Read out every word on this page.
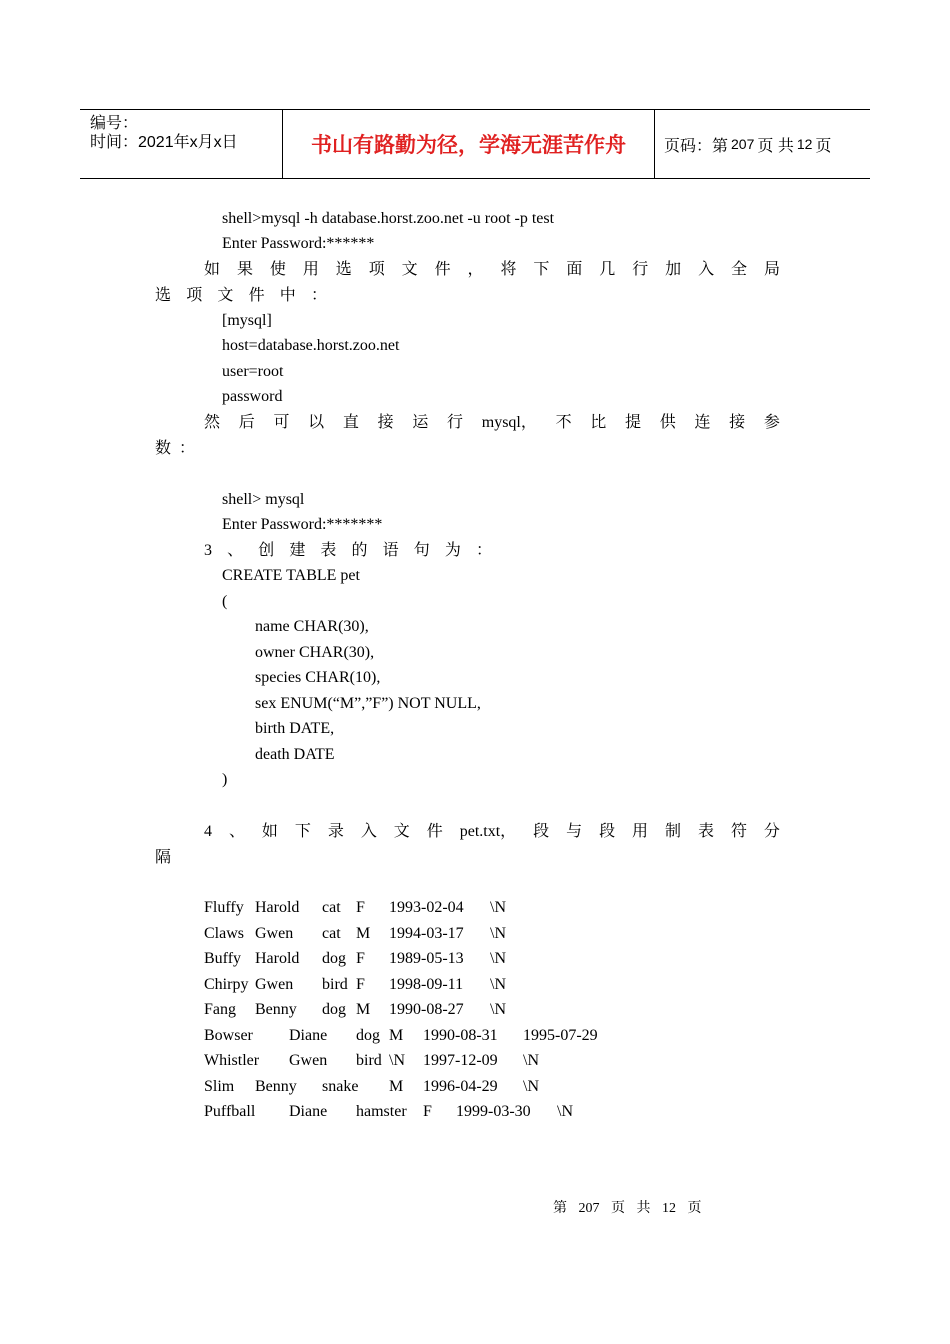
编号：
时间：2021年x月x日	书山有路勤为径，学海无涯苦作舟	页码：第 207 页 共 12 页
shell>mysql -h database.horst.zoo.net -u root -p test
Enter Password:******
如 果 使 用 选 项 文 件 ， 将 下 面 几 行 加 入 全 局
选 项 文 件 中 ：
[mysql]
host=database.horst.zoo.net
user=root
password
然 后 可 以 直 接 运 行 mysql， 不 比 提 供 连 接 参
数 ：
shell> mysql
Enter Password:*******
3 、 创 建 表 的 语 句 为 ：
CREATE TABLE pet
(
name CHAR(30),
owner CHAR(30),
species CHAR(10),
sex ENUM(“M”,”F”) NOT NULL,
birth DATE,
death DATE
)
4 、 如 下 录 入 文 件 pet.txt， 段 与 段 用 制 表 符 分
隔
Fluffy Harold cat F 1993-02-04 \N
Claws Gwen cat M 1994-03-17 \N
Buffy Harold dog F 1989-05-13 \N
Chirpy Gwen bird F 1998-09-11 \N
Fang Benny dog M 1990-08-27 \N
Bowser Diane dog M 1990-08-31 1995-07-29
Whistler Gwen bird \N 1997-12-09 \N
Slim Benny snake M 1996-04-29 \N
Puffball Diane hamster F 1999-03-30 \N
第 207 页 共 12 页
